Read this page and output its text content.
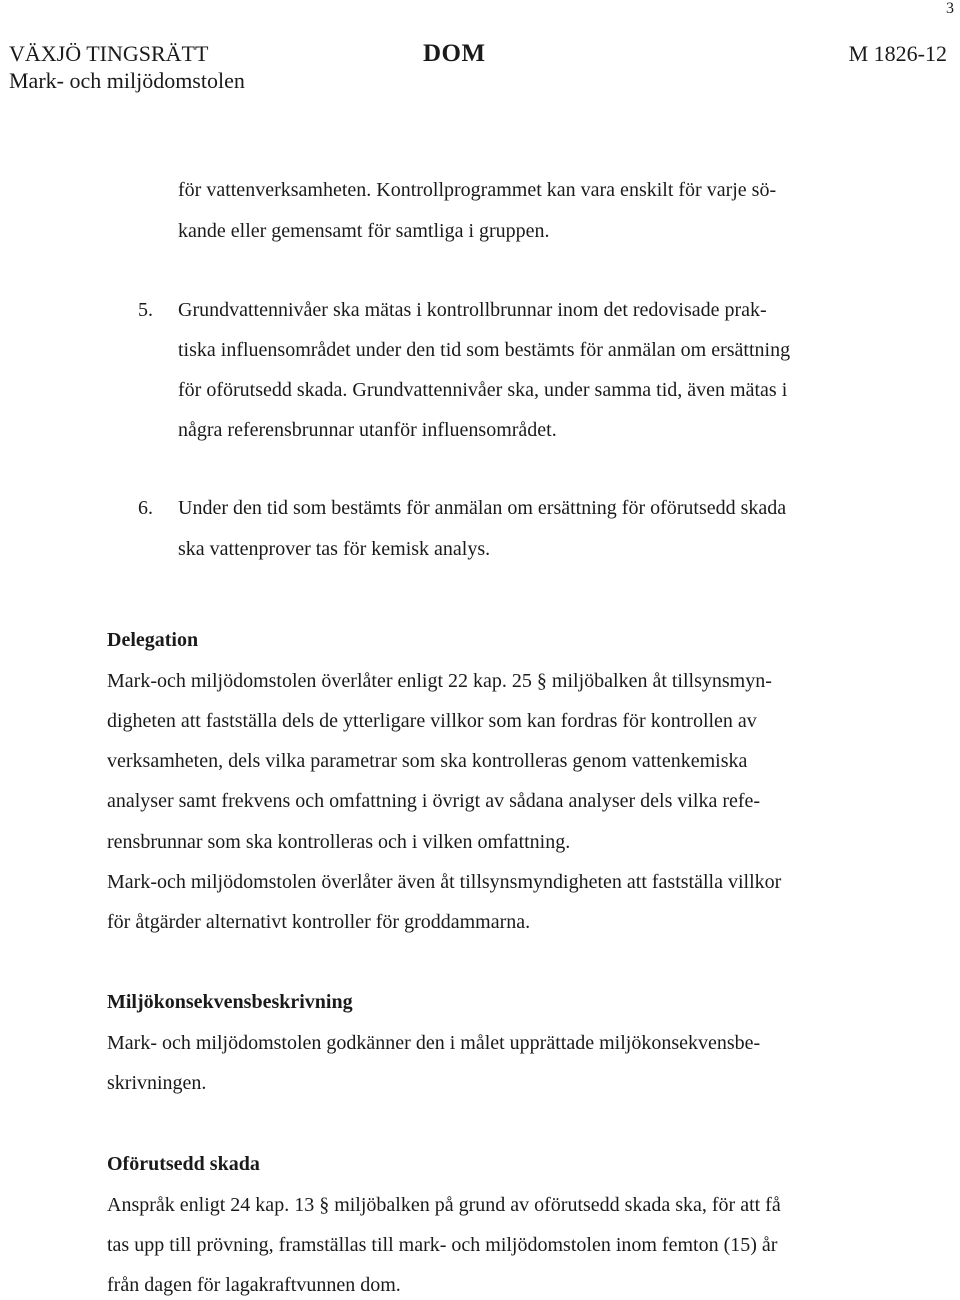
3
VÄXJÖ TINGSRÄTT
Mark- och miljödomstolen
DOM	M 1826-12
för vattenverksamheten. Kontrollprogrammet kan vara enskilt för varje sö-
kande eller gemensamt för samtliga i gruppen.
5. Grundvattennivåer ska mätas i kontrollbrunnar inom det redovisade prak-
tiska influensområdet under den tid som bestämts för anmälan om ersättning
för oförutsedd skada. Grundvattennivåer ska, under samma tid, även mätas i
några referensbrunnar utanför influensområdet.
6. Under den tid som bestämts för anmälan om ersättning för oförutsedd skada
ska vattenprover tas för kemisk analys.
Delegation
Mark-och miljödomstolen överlåter enligt 22 kap. 25 § miljöbalken åt tillsynsmyn-
digheten att fastställa dels de ytterligare villkor som kan fordras för kontrollen av
verksamheten, dels vilka parametrar som ska kontrolleras genom vattenkemiska
analyser samt frekvens och omfattning i övrigt av sådana analyser dels vilka refe-
rensbrunnar som ska kontrolleras och i vilken omfattning.
Mark-och miljödomstolen överlåter även åt tillsynsmyndigheten att fastställa villkor
för åtgärder alternativt kontroller för groddammarna.
Miljökonsekvensbeskrivning
Mark- och miljödomstolen godkänner den i målet upprättade miljökonsekvensbe-
skrivningen.
Oförutsedd skada
Anspråk enligt 24 kap. 13 § miljöbalken på grund av oförutsedd skada ska, för att få
tas upp till prövning, framställas till mark- och miljödomstolen inom femton (15) år
från dagen för lagakraftvunnen dom.
